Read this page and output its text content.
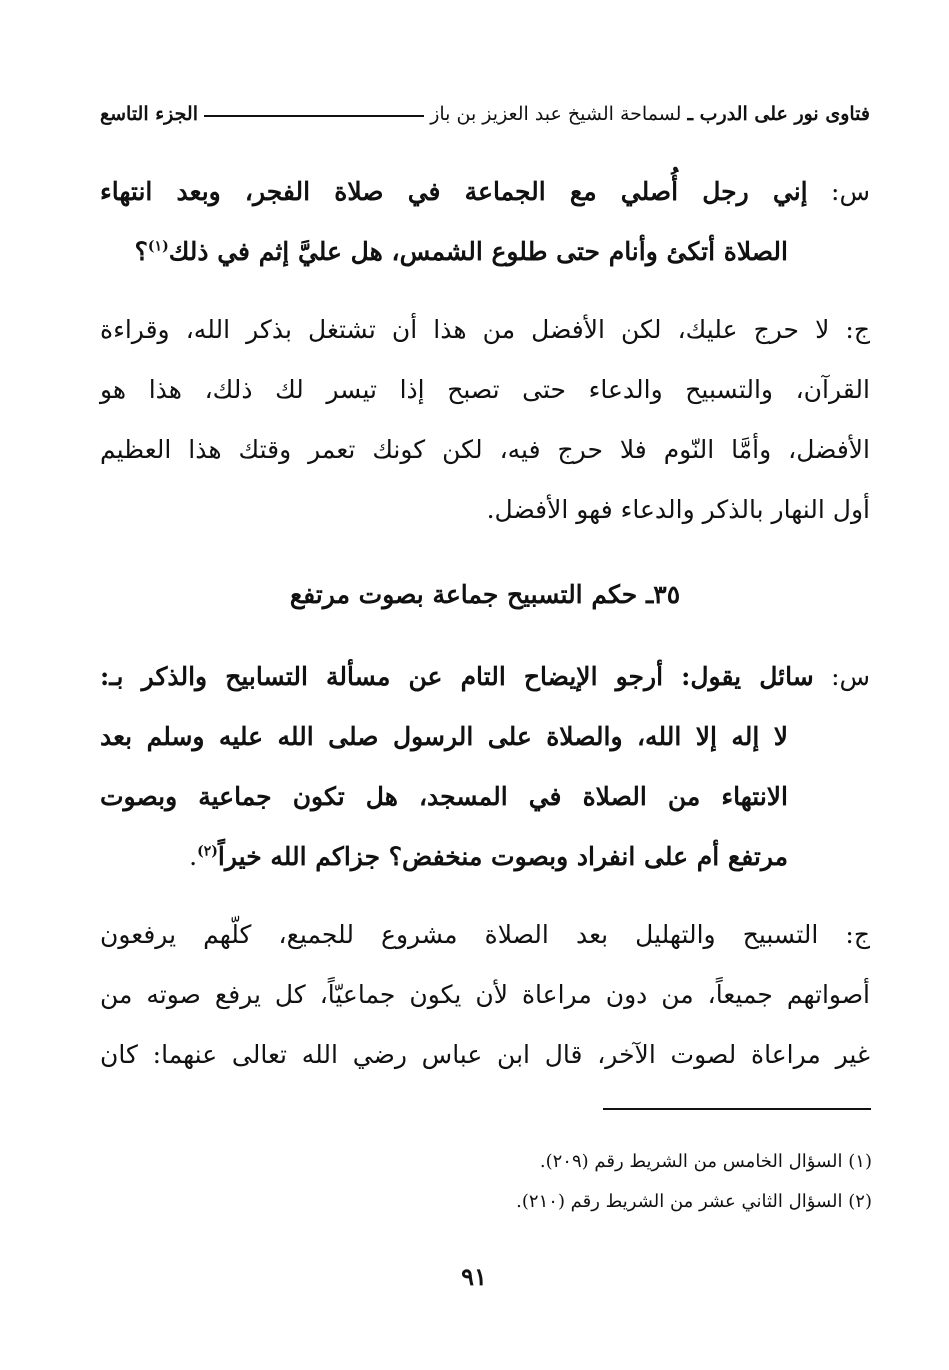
فتاوى نور على الدرب ـ

لسماحة الشيخ عبد العزيز بن باز
الجزء التاسع
س: إني رجل أُصلي مع الجماعة في صلاة الفجر، وبعد انتهاء
الصلاة أتكئ وأنام حتى طلوع الشمس، هل عليَّ إثم في ذلك$^{(١)}$؟
ج: لا حرج عليك، لكن الأفضل من هذا أن تشتغل بذكر الله، وقراءة
القرآن، والتسبيح والدعاء حتى تصبح إذا تيسر لك ذلك، هذا هو
الأفضل، وأمَّا النّوم فلا حرج فيه، لكن كونك تعمر وقتك هذا العظيم
أول النهار بالذكر والدعاء فهو الأفضل.
٣٥ـ حكم التسبيح جماعة بصوت مرتفع
س: سائل يقول: أرجو الإيضاح التام عن مسألة التسابيح والذكر بـ:
لا إله إلا الله، والصلاة على الرسول صلى الله عليه وسلم بعد
الانتهاء من الصلاة في المسجد، هل تكون جماعية وبصوت
مرتفع أم على انفراد وبصوت منخفض؟ جزاكم الله خيراً$^{(٢)}$.
ج: التسبيح والتهليل بعد الصلاة مشروع للجميع، كلّهم يرفعون
أصواتهم جميعاً، من دون مراعاة لأن يكون جماعيّاً، كل يرفع صوته من
غير مراعاة لصوت الآخر، قال ابن عباس رضي الله تعالى عنهما: كان
(١) السؤال الخامس من الشريط رقم (٢٠٩).
(٢) السؤال الثاني عشر من الشريط رقم (٢١٠).
٩١
